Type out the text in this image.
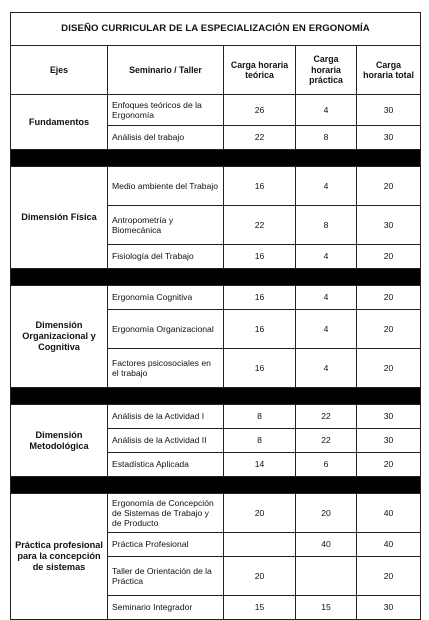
DISEÑO CURRICULAR DE LA ESPECIALIZACIÓN EN ERGONOMÍA				
Ejes	Seminario / Taller	Carga horaria teórica	Carga horaria práctica	Carga horaria total
Fundamentos	Enfoques teóricos de la Ergonomía	26	4	30
	Análisis del trabajo	22	8	30

Dimensión Física	Medio ambiente del Trabajo	16	4	20
	Antropometría y Biomecánica	22	8	30
	Fisiología del Trabajo	16	4	20

Dimensión Organizacional y Cognitiva	Ergonomía Cognitiva	16	4	20
	Ergonomía Organizacional	16	4	20
	Factores psicosociales en el trabajo	16	4	20

Dimensión Metodológica	Análisis de la Actividad I	8	22	30
	Análisis de la Actividad II	8	22	30
	Estadística Aplicada	14	6	20

Práctica profesional para la concepción de sistemas	Ergonomía de Concepción de Sistemas de Trabajo y de Producto	20	20	40
	Práctica Profesional		40	40
	Taller de Orientación de la Práctica	20		20
	Seminario Integrador	15	15	30
